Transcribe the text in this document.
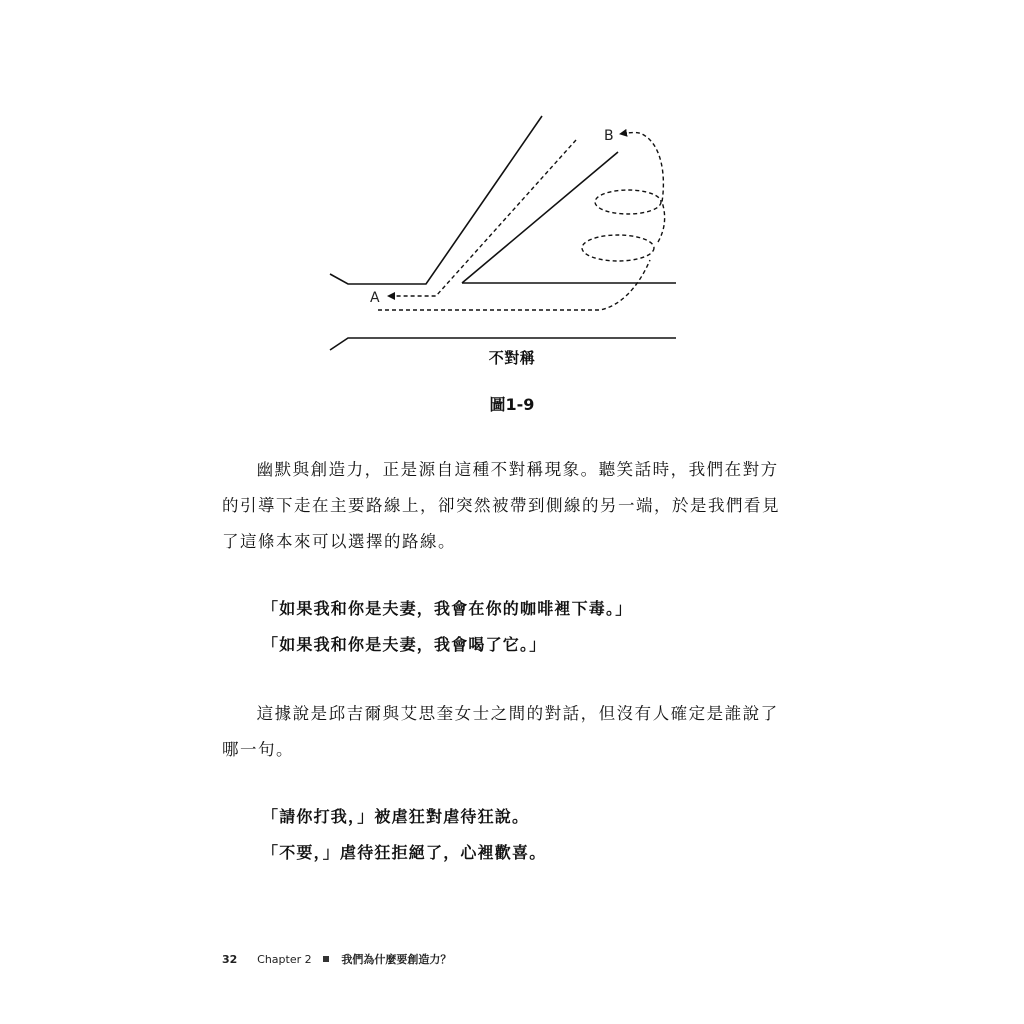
A
B
不對稱
圖1-9

幽默與創造力，正是源自這種不對稱現象。聽笑話時，我們在對方的引導下走在主要路線上，卻突然被帶到側線的另一端，於是我們看見了這條本來可以選擇的路線。

「如果我和你是夫妻，我會在你的咖啡裡下毒。」

「如果我和你是夫妻，我會喝了它。」

這據說是邱吉爾與艾思奎女士之間的對話，但沒有人確定是誰說了哪一句。

「請你打我，」被虐狂對虐待狂說。

「不要，」虐待狂拒絕了，心裡歡喜。

32 Chapter 2	我們為什麼要創造力？
